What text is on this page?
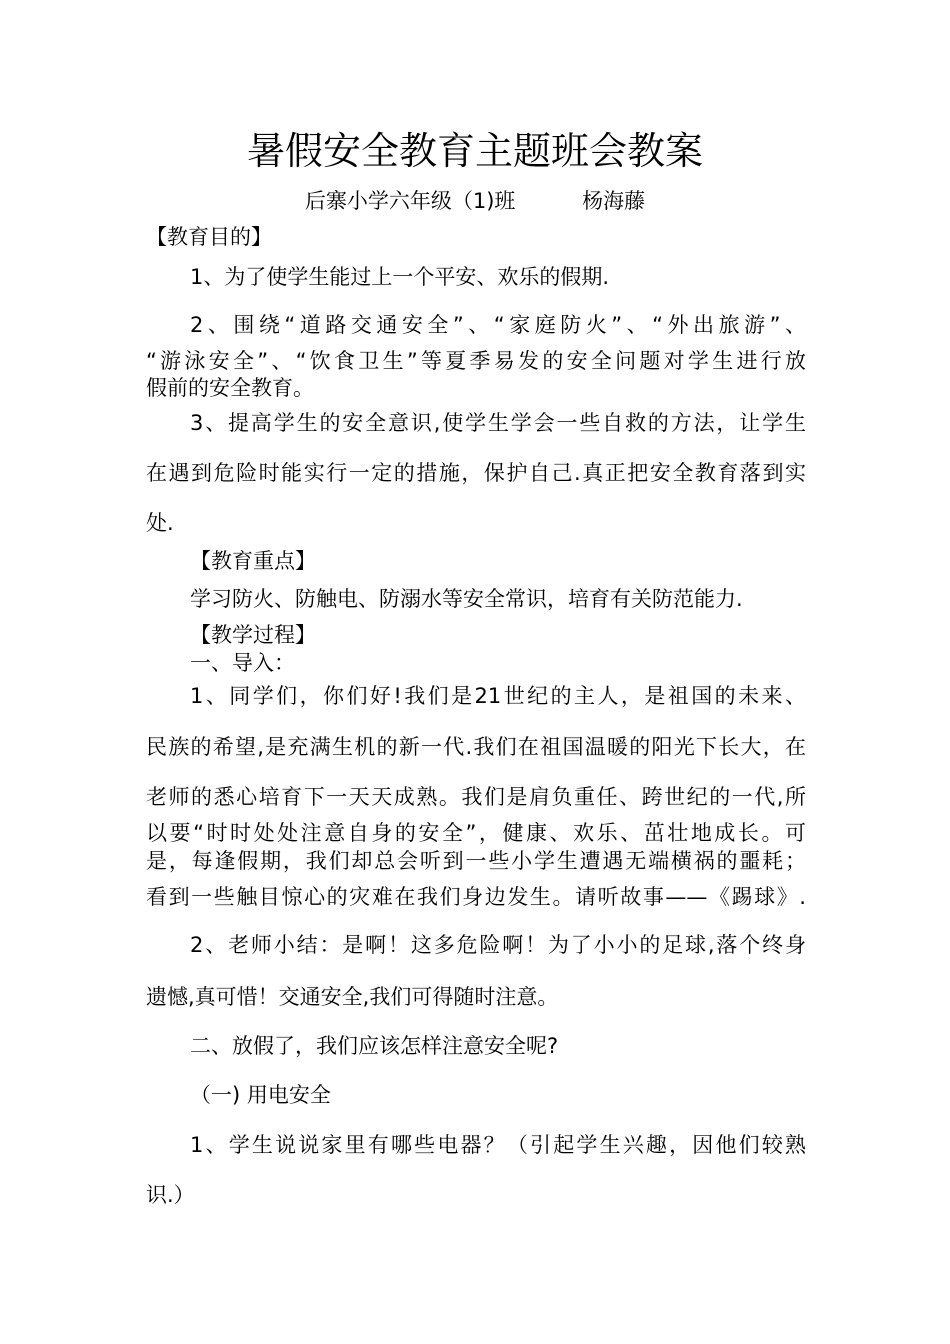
暑假安全教育主题班会教案
后寨小学六年级（1)班          杨海藤
【教育目的】
1、为了使学生能过上一个平安、欢乐的假期.
2、围绕“道路交通安全”、“家庭防火”、“外出旅游”、
“游泳安全”、“饮食卫生”等夏季易发的安全问题对学生进行放
假前的安全教育。
3、提高学生的安全意识,使学生学会一些自救的方法，让学生
在遇到危险时能实行一定的措施，保护自己.真正把安全教育落到实
处.
【教育重点】
学习防火、防触电、防溺水等安全常识，培育有关防范能力.
【教学过程】
一、导入：
1、同学们，你们好!我们是21世纪的主人，是祖国的未来、
民族的希望,是充满生机的新一代.我们在祖国温暖的阳光下长大，在
老师的悉心培育下一天天成熟。我们是肩负重任、跨世纪的一代,所
以要“时时处处注意自身的安全”，健康、欢乐、茁壮地成长。可
是，每逢假期，我们却总会听到一些小学生遭遇无端横祸的噩耗；
看到一些触目惊心的灾难在我们身边发生。请听故事——《踢球》.
2、老师小结：是啊！这多危险啊！为了小小的足球,落个终身
遗憾,真可惜！交通安全,我们可得随时注意。
二、放假了，我们应该怎样注意安全呢?
（一) 用电安全
1、学生说说家里有哪些电器？（引起学生兴趣，因他们较熟
识.）
